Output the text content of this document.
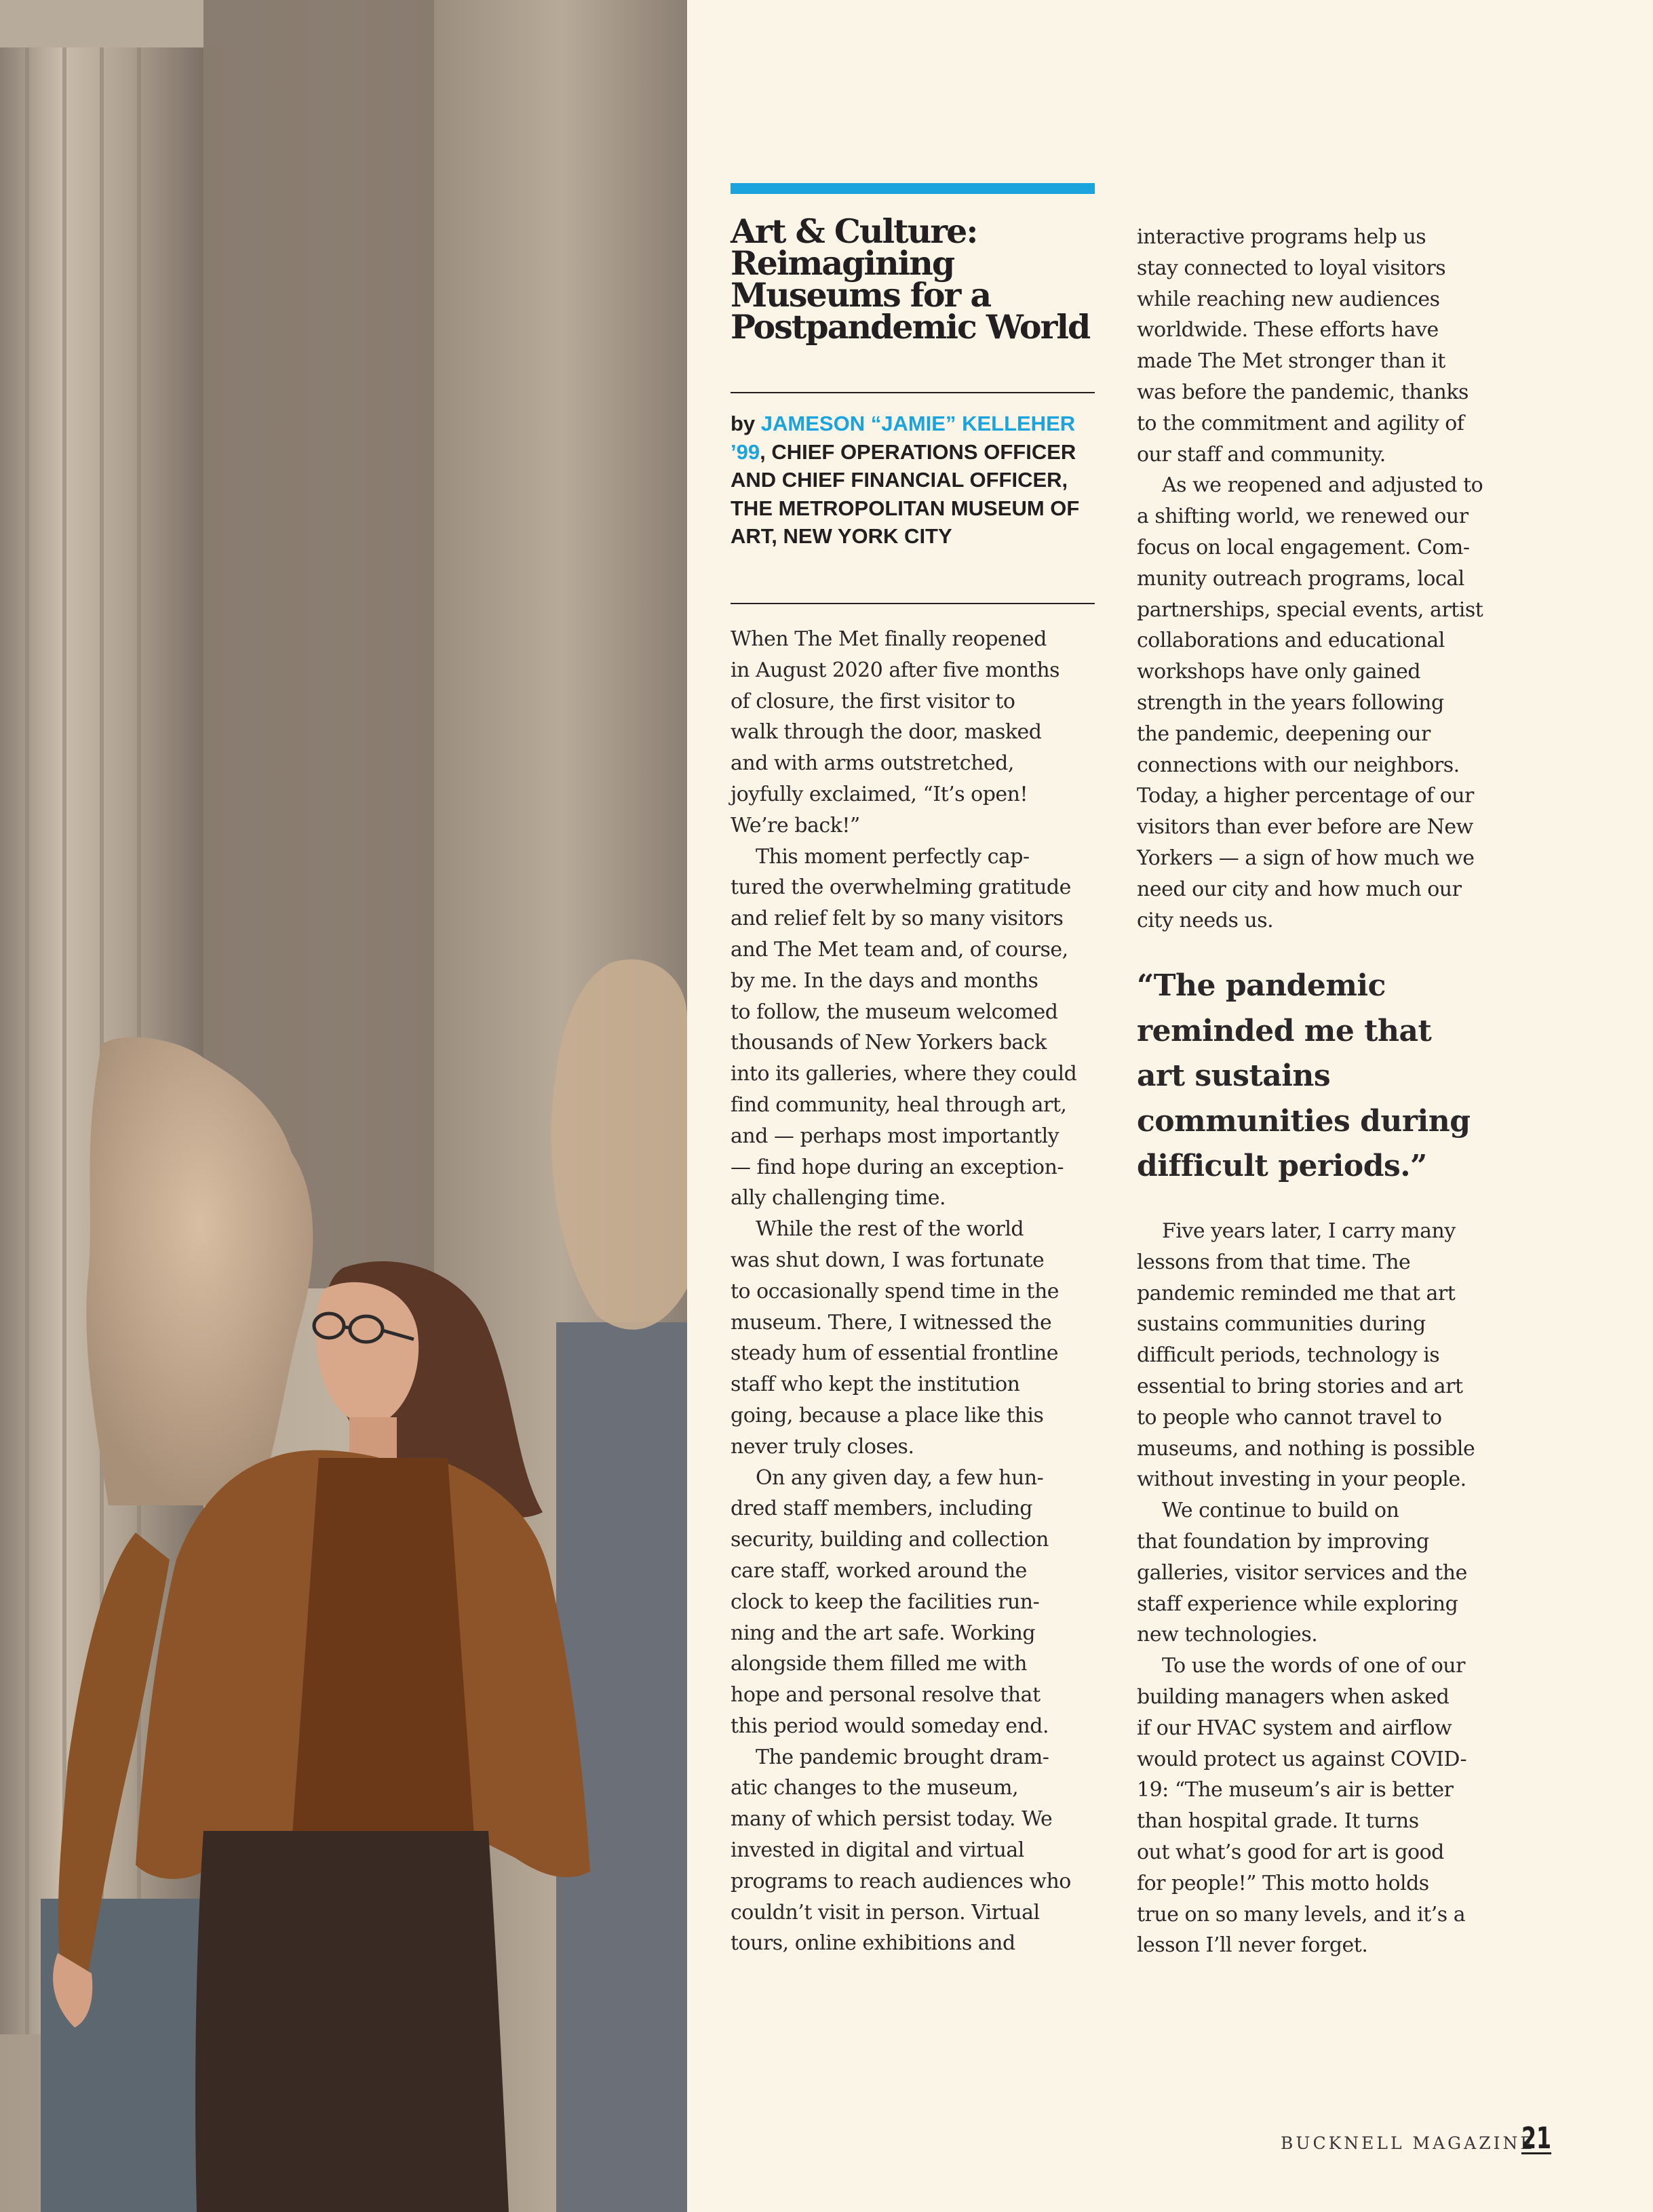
Art & Culture: Reimagining Museums for a Postpandemic World

by JAMESON “JAMIE” KELLEHER ’99, CHIEF OPERATIONS OFFICER AND CHIEF FINANCIAL OFFICER, THE METROPOLITAN MUSEUM OF ART, NEW YORK CITY

When The Met finally reopened

in August 2020 after five months

of closure, the first visitor to

walk through the door, masked

and with arms outstretched,

joyfully exclaimed, “It’s open!

We’re back!”

This moment perfectly cap-

tured the overwhelming gratitude

and relief felt by so many visitors

and The Met team and, of course,

by me. In the days and months

to follow, the museum welcomed

thousands of New Yorkers back

into its galleries, where they could

find community, heal through art,

and — perhaps most importantly

— find hope during an exception-

ally challenging time.

While the rest of the world

was shut down, I was fortunate

to occasionally spend time in the

museum. There, I witnessed the

steady hum of essential frontline

staff who kept the institution

going, because a place like this

never truly closes.

On any given day, a few hun-

dred staff members, including

security, building and collection

care staff, worked around the

clock to keep the facilities run-

ning and the art safe. Working

alongside them filled me with

hope and personal resolve that

this period would someday end.

The pandemic brought dram-

atic changes to the museum,

many of which persist today. We

invested in digital and virtual

programs to reach audiences who

couldn’t visit in person. Virtual

tours, online exhibitions and

interactive programs help us

stay connected to loyal visitors

while reaching new audiences

worldwide. These efforts have

made The Met stronger than it

was before the pandemic, thanks

to the commitment and agility of

our staff and community.

As we reopened and adjusted to

a shifting world, we renewed our

focus on local engagement. Com-

munity outreach programs, local

partnerships, special events, artist

collaborations and educational

workshops have only gained

strength in the years following

the pandemic, deepening our

connections with our neighbors.

Today, a higher percentage of our

visitors than ever before are New

Yorkers — a sign of how much we

need our city and how much our

city needs us.

“The pandemic
reminded me that
art sustains
communities during
difficult periods.”

Five years later, I carry many

lessons from that time. The

pandemic reminded me that art

sustains communities during

difficult periods, technology is

essential to bring stories and art

to people who cannot travel to

museums, and nothing is possible

without investing in your people.

We continue to build on

that foundation by improving

galleries, visitor services and the

staff experience while exploring

new technologies.

To use the words of one of our

building managers when asked

if our HVAC system and airflow

would protect us against COVID-

19: “The museum’s air is better

than hospital grade. It turns

out what’s good for art is good

for people!” This motto holds

true on so many levels, and it’s a

lesson I’ll never forget.

BUCKNELL MAGAZINE
21
